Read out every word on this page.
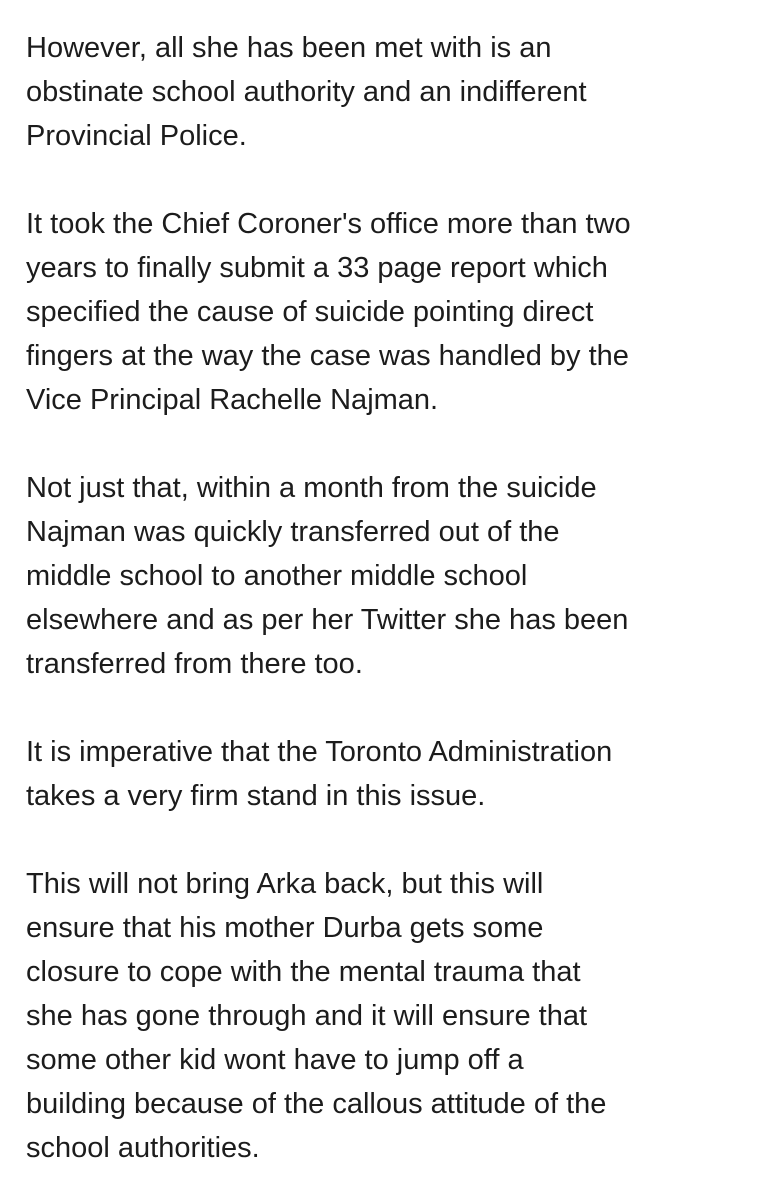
However, all she has been met with is an
obstinate school authority and an indifferent
Provincial Police.

It took the Chief Coroner's office more than two
years to finally submit a 33 page report which
specified the cause of suicide pointing direct
fingers at the way the case was handled by the
Vice Principal Rachelle Najman.

Not just that, within a month from the suicide
Najman was quickly transferred out of the
middle school to another middle school
elsewhere and as per her Twitter she has been
transferred from there too.

It is imperative that the Toronto Administration
takes a very firm stand in this issue.

This will not bring Arka back, but this will
ensure that his mother Durba gets some
closure to cope with the mental trauma that
she has gone through and it will ensure that
some other kid wont have to jump off a
building because of the callous attitude of the
school authorities.
